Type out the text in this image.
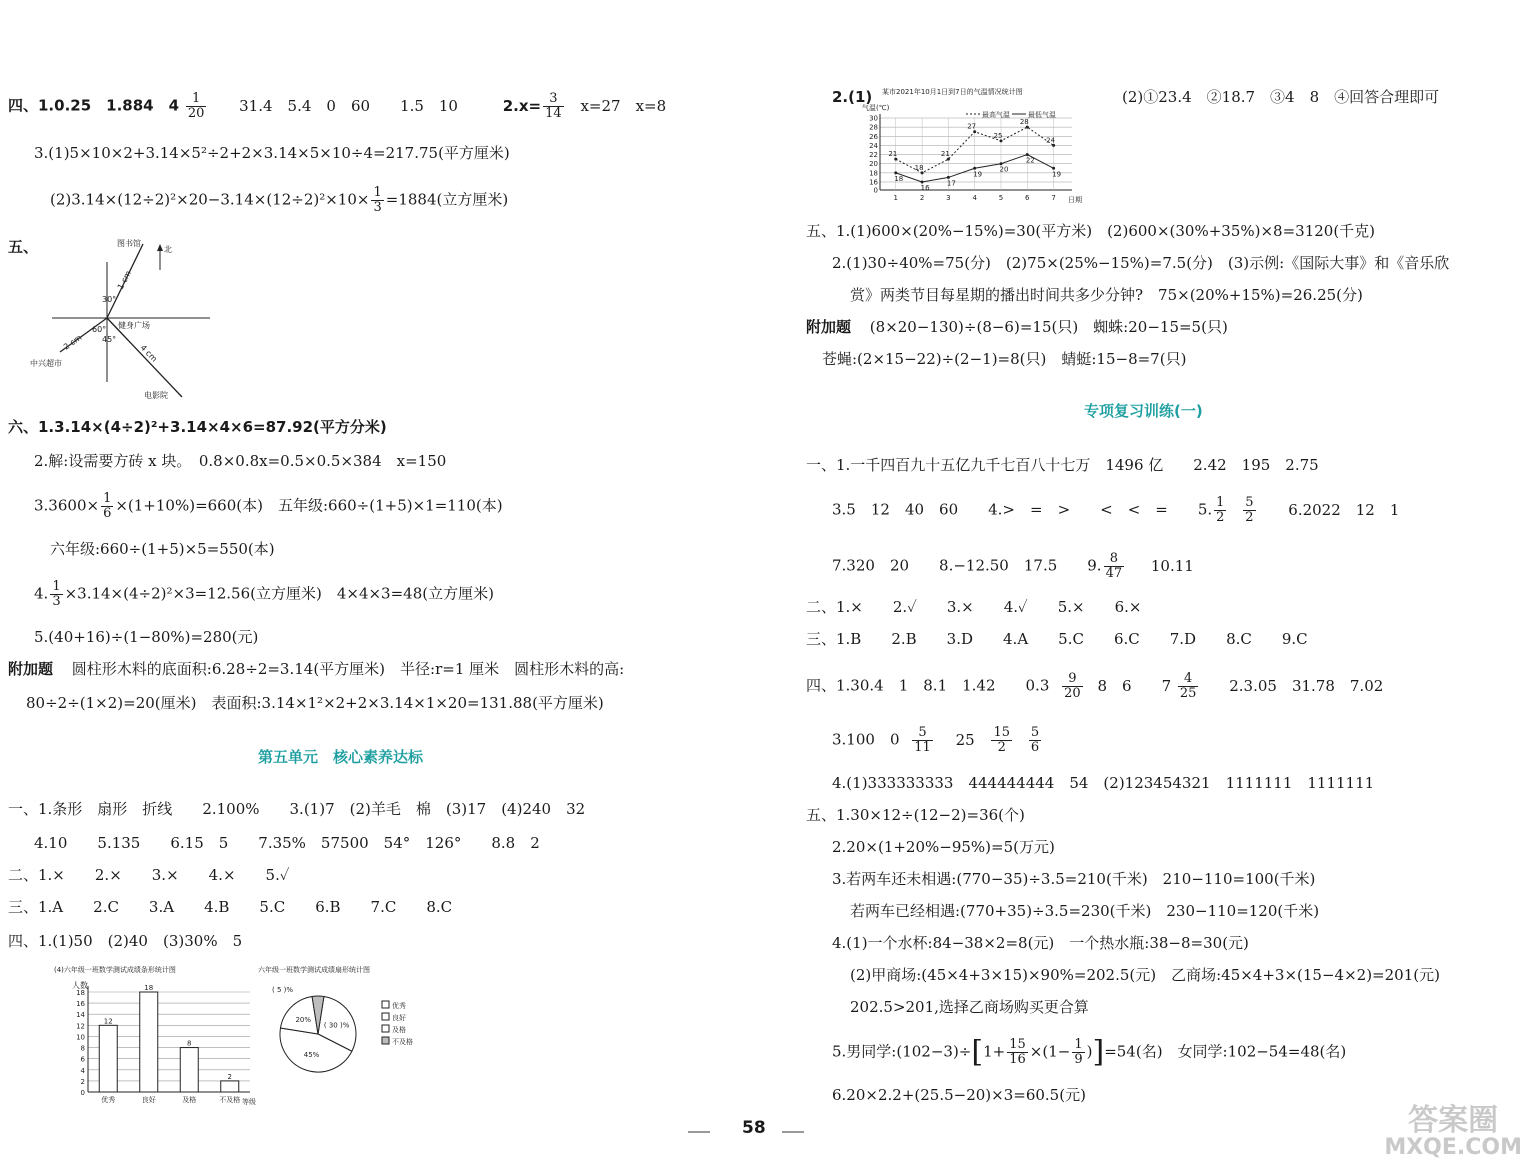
四、1.0.25　1.884　$4 \frac{1}{20} 31.4$　5.4　0　60　　1.5　10	$2.x= \frac{3}{14} x=27$　x=8
3.(1)5×10×2+3.14×5²÷2+2×3.14×5×10÷4=217.75(平方厘米)
$(2)3.14\times(12\div 2)^2\times 20-3.14\times(12\div 2)^2\times 10\times \frac{1}{3} =1884$(立方厘米)
五、	图书馆
北
1 cm
30°
60°
45°
2 cm
4 cm
健身广场
中兴超市
电影院
六、1.3.14×(4÷2)²+3.14×4×6=87.92(平方分米)
2.解:设需要方砖 x 块。　0.8×0.8x=0.5×0.5×384　x=150
$3.3600\times \frac{1}{6} \times(1+10\%)=660$(本)　五年级:660÷(1+5)×1=110(本)
六年级:660÷(1+5)×5=550(本)
4. $\frac{1}{3} \times 3.14\times(4\div 2)^2\times 3=12.56$(立方厘米)　4×4×3=48(立方厘米)
5.(40+16)÷(1−80%)=280(元)
附加题 圆柱形木料的底面积:6.28÷2=3.14(平方厘米)　半径:r=1 厘米　圆柱形木料的高:
80÷2÷(1×2)=20(厘米)　表面积:3.14×1²×2+2×3.14×1×20=131.88(平方厘米)
第五单元　核心素养达标
一、1.条形　扇形　折线　　2.100%　　3.(1)7　(2)羊毛　棉　(3)17　(4)240　32
4.10　　5.135　　6.15　5　　7.35%　57500　54°　126°　　8.8　2
二、1.×　　2.×　　3.×　　4.×　　5.✓
三、1.A　　2.C　　3.A　　4.B　　5.C　　6.B　　7.C　　8.C
四、1.(1)50　(2)40　(3)30%　5
(4)六年级一班数学测试成绩条形统计图
人数
等级
0
2
4
6
8
10
12
14
16
18
12
优秀
18
良好
8
及格
2
不及格
六年级一班数学测试成绩扇形统计图
( 5 )%
( 30 )%
45%
20%
优秀
良好
及格
不及格
2.(1)	(2)①23.4　②18.7　③4　8　④回答合理即可
某市2021年10月1日到7日的气温情况统计图
气温(℃)
日期
最高气温	最低气温
16
18
20
22
24
26
28
30
0
1	2	3	4	5	6	7
21
18
21
27
25
28
24
18
16
17
19
20
22
19
五、1.(1)600×(20%−15%)=30(平方米)　(2)600×(30%+35%)×8=3120(千克)
2.(1)30÷40%=75(分)　(2)75×(25%−15%)=7.5(分)　(3)示例:《国际大事》和《音乐欣
赏》两类节目每星期的播出时间共多少分钟?　75×(20%+15%)=26.25(分)
附加题 (8×20−130)÷(8−6)=15(只)　蜘蛛:20−15=5(只)
苍蝇:(2×15−22)÷(2−1)=8(只)　蜻蜓:15−8=7(只)
专项复习训练(一)
一、1.一千四百九十五亿九千七百八十七万　1496 亿　　2.42　195　2.75
3.5　12　40　60　　4.>　=　>　　<　<　=　　5. $\frac{1}{2}$
$\frac{5}{2} 6.2022$　12　1
7.320　20　　8.−12.50　17.5　　9. $\frac{8}{47} 10.11$
二、1.×　　2.✓　　3.×　　4.✓　　5.×　　6.×
三、1.B　　2.B　　3.D　　4.A　　5.C　　6.C　　7.D　　8.C　　9.C
四、1.30.4　1　8.1　1.42　　$0.3 \frac{9}{20} 8$　6　　$7 \frac{4}{25} 2.3.05$　31.78　7.02
3.100　$0 \frac{5}{11} 25 \frac{15}{2}$
$\frac{5}{6}$
4.(1)333333333　444444444　54　(2)123454321　1111111　1111111
五、1.30×12÷(12−2)=36(个)
2.20×(1+20%−95%)=5(万元)
3.若两车还未相遇:(770−35)÷3.5=210(千米)　210−110=100(千米)
若两车已经相遇:(770+35)÷3.5=230(千米)　230−110=120(千米)
4.(1)一个水杯:84−38×2=8(元)　一个热水瓶:38−8=30(元)
(2)甲商场:(45×4+3×15)×90%=202.5(元)　乙商场:45×4+3×(15−4×2)=201(元)
202.5>201,选择乙商场购买更合算
5.男同学:(102−3)÷[1+ $\frac{15}{16} \times(1- \frac{1}{9} )]=54$(名)　女同学:102−54=48(名)
6.20×2.2+(25.5−20)×3=60.5(元)
58	答案圈
MXQE.COM
